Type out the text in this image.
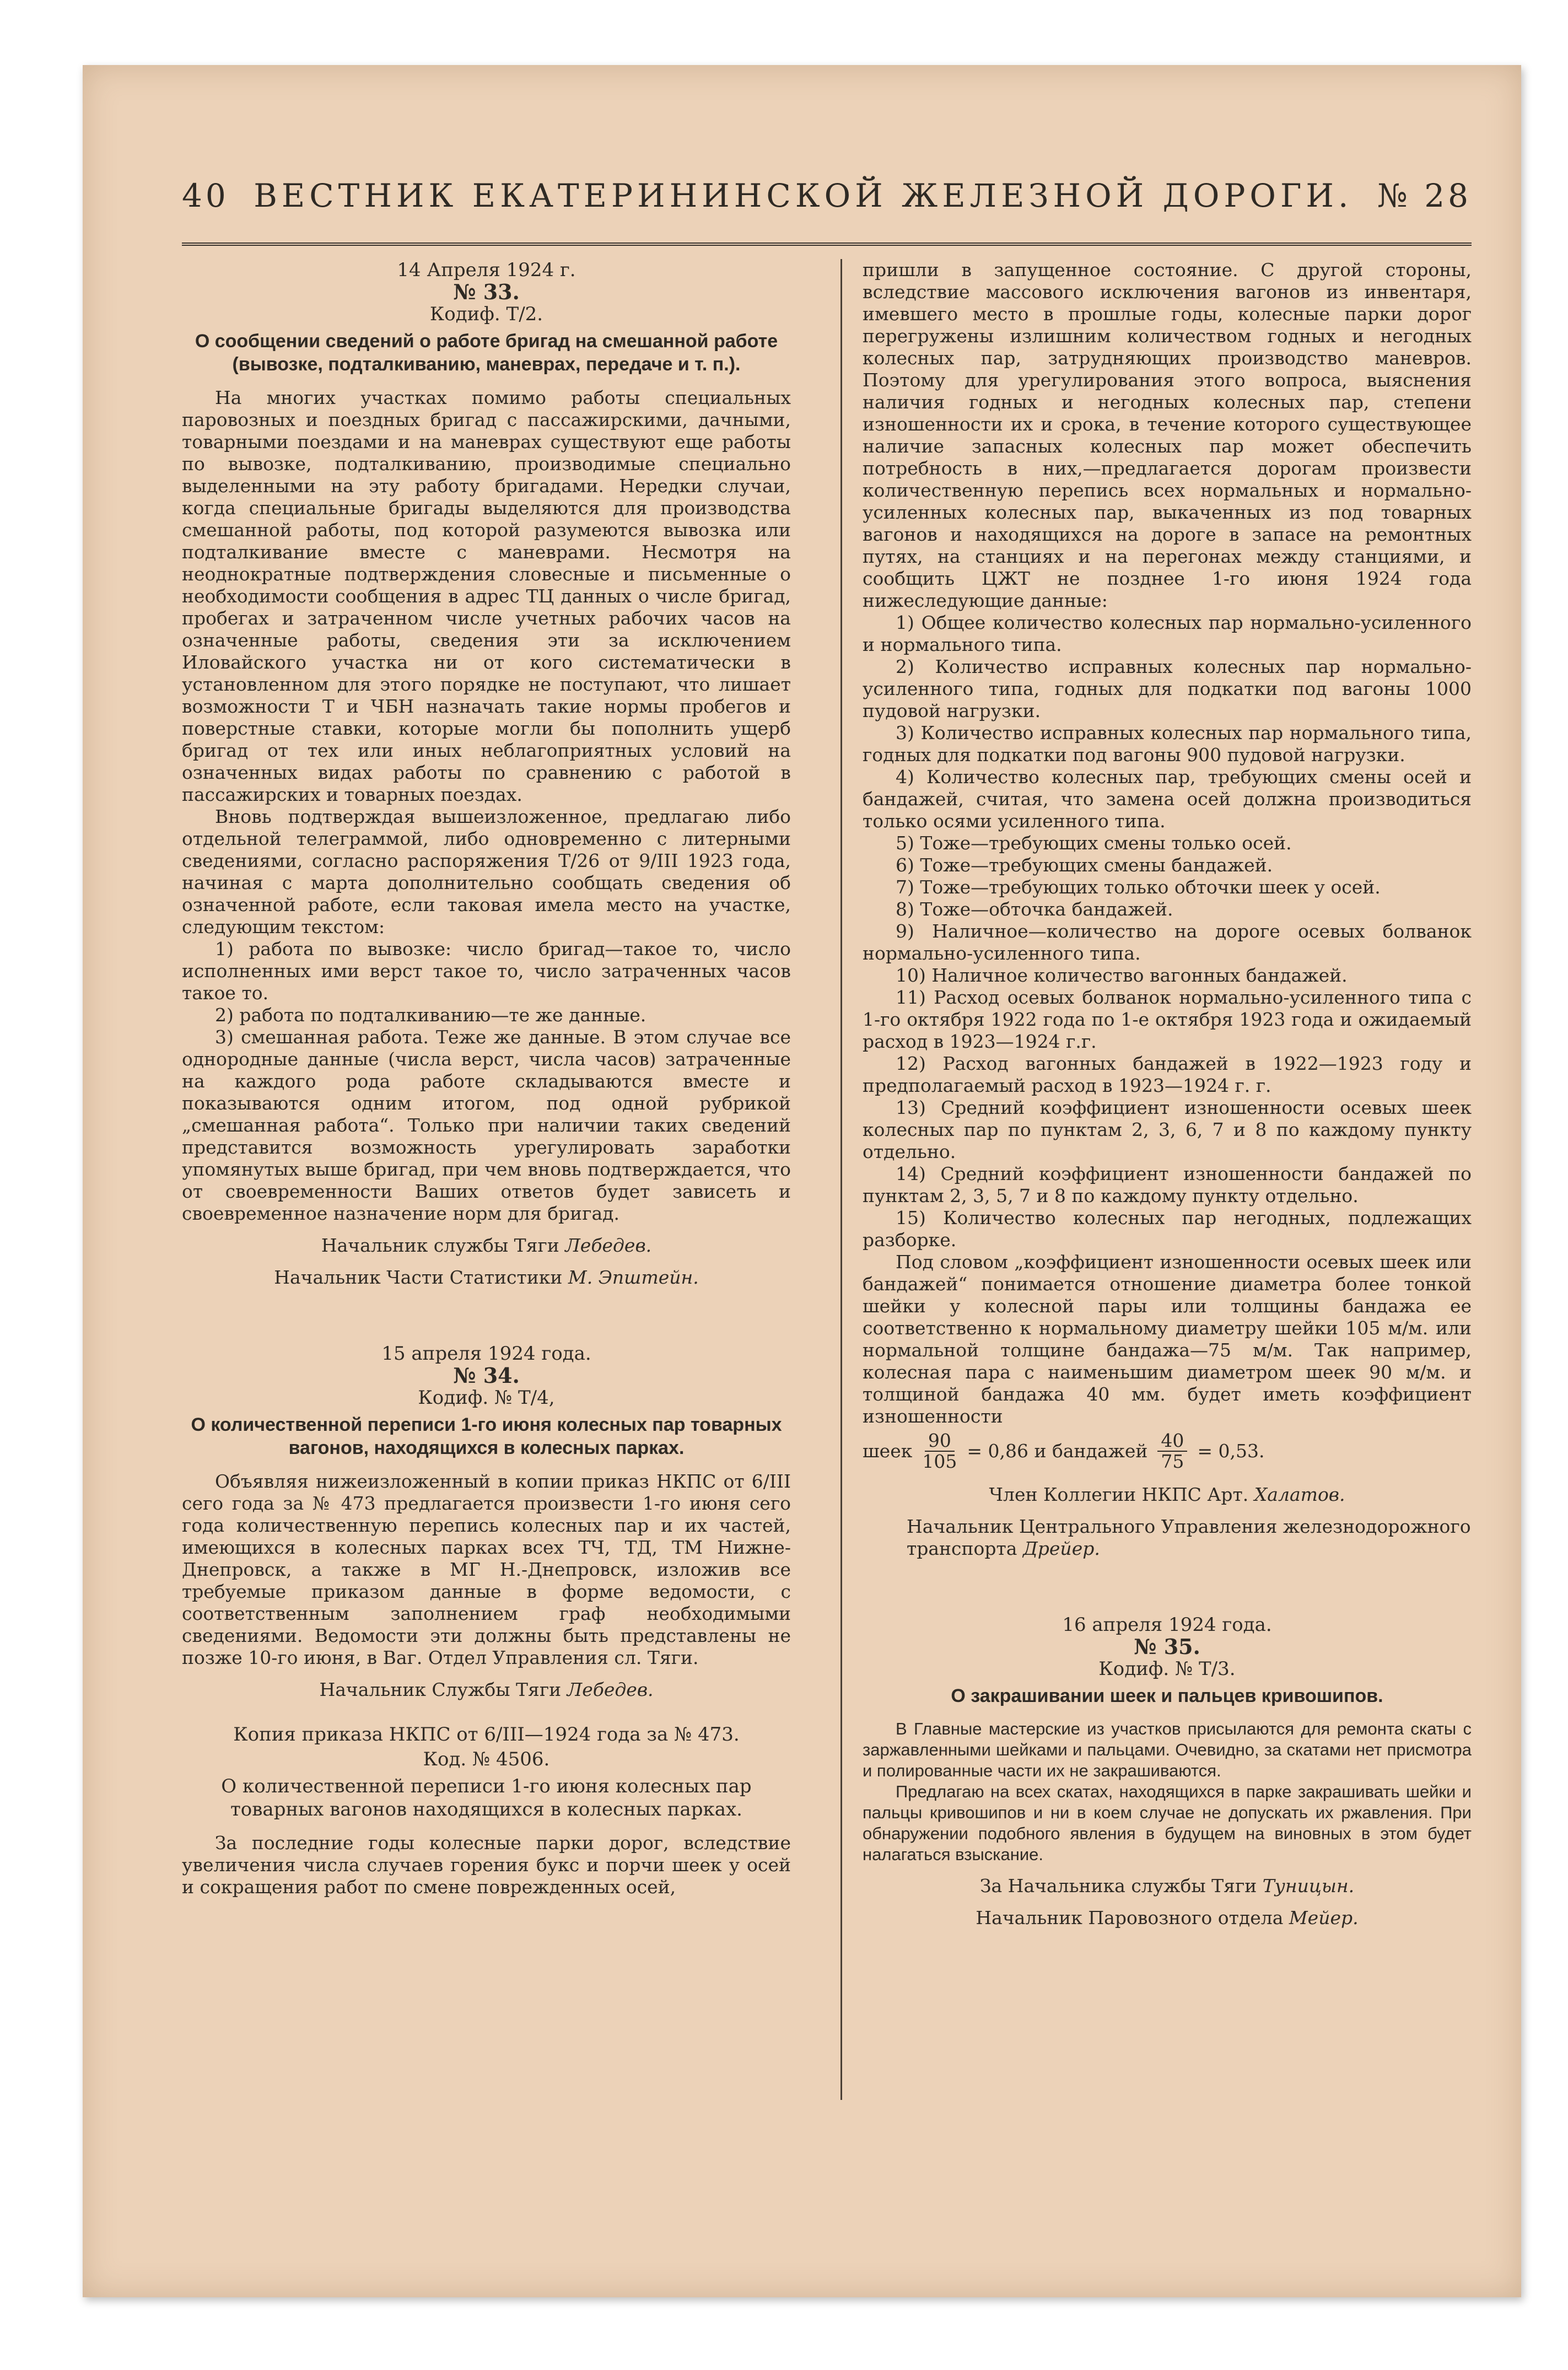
40 ВЕСТНИК ЕКАТЕРИНИНСКОЙ ЖЕЛЕЗНОЙ ДОРОГИ. № 28
14 Апреля 1924 г.
№ 33.
Кодиф. Т/2.
О сообщении сведений о работе бригад на смешанной работе (вывозке, подталкиванию, маневрах, передаче и т. п.).

На многих участках помимо работы специальных паровозных и поездных бригад с пассажирскими, дачными, товарными поездами и на маневрах существуют еще работы по вывозке, подталкиванию, производимые специально выделенными на эту работу бригадами. Нередки случаи, когда специальные бригады выделяются для производства смешанной работы, под которой разумеются вывозка или подталкивание вместе с маневрами. Несмотря на неоднократные подтверждения словесные и письменные о необходимости сообщения в адрес ТЦ данных о числе бригад, пробегах и затраченном числе учетных рабочих часов на означенные работы, сведения эти за исключением Иловайского участка ни от кого систематически в установленном для этого порядке не поступают, что лишает возможности Т и ЧБН назначать такие нормы пробегов и поверстные ставки, которые могли бы пополнить ущерб бригад от тех или иных неблагоприятных условий на означенных видах работы по сравнению с работой в пассажирских и товарных поездах.

Вновь подтверждая вышеизложенное, предлагаю либо отдельной телеграммой, либо одновременно с литерными сведениями, согласно распоряжения Т/26 от 9/III 1923 года, начиная с марта дополнительно сообщать сведения об означенной работе, если таковая имела место на участке, следующим текстом:

1) работа по вывозке: число бригад—такое то, число исполненных ими верст такое то, число затраченных часов такое то.

2) работа по подталкиванию—те же данные.

3) смешанная работа. Теже же данные. В этом случае все однородные данные (числа верст, числа часов) затраченные на каждого рода работе складываются вместе и показываются одним итогом, под одной рубрикой „смешанная работа“. Только при наличии таких сведений представится возможность урегулировать заработки упомянутых выше бригад, при чем вновь подтверждается, что от своевременности Ваших ответов будет зависеть и своевременное назначение норм для бригад.

Начальник службы Тяги Лебедев.
Начальник Части Статистики М. Эпштейн.
15 апреля 1924 года.
№ 34.
Кодиф. № Т/4,
О количественной переписи 1-го июня колесных пар товарных вагонов, находящихся в колесных парках.

Объявляя нижеизложенный в копии приказ НКПС от 6/III сего года за № 473 предлагается произвести 1-го июня сего года количественную перепись колесных пар и их частей, имеющихся в колесных парках всех ТЧ, ТД, ТМ Нижне-Днепровск, а также в МГ Н.-Днепровск, изложив все требуемые приказом данные в форме ведомости, с соответственным заполнением граф необходимыми сведениями. Ведомости эти должны быть представлены не позже 10-го июня, в Ваг. Отдел Управления сл. Тяги.

Начальник Службы Тяги Лебедев.
Копия приказа НКПС от 6/III—1924 года за № 473.
Код. № 4506.
О количественной переписи 1-го июня колесных пар товарных вагонов находящихся в колесных парках.

За последние годы колесные парки дорог, вследствие увеличения числа случаев горения букс и порчи шеек у осей и сокращения работ по смене поврежденных осей,

пришли в запущенное состояние. С другой стороны, вследствие массового исключения вагонов из инвентаря, имевшего место в прошлые годы, колесные парки дорог перегружены излишним количеством годных и негодных колесных пар, затрудняющих производство маневров. Поэтому для урегулирования этого вопроса, выяснения наличия годных и негодных колесных пар, степени изношенности их и срока, в течение которого существующее наличие запасных колесных пар может обеспечить потребность в них,—предлагается дорогам произвести количественную перепись всех нормальных и нормально-усиленных колесных пар, выкаченных из под товарных вагонов и находящихся на дороге в запасе на ремонтных путях, на станциях и на перегонах между станциями, и сообщить ЦЖТ не позднее 1-го июня 1924 года нижеследующие данные:

1) Общее количество колесных пар нормально-усиленного и нормального типа.

2) Количество исправных колесных пар нормально-усиленного типа, годных для подкатки под вагоны 1000 пудовой нагрузки.

3) Количество исправных колесных пар нормального типа, годных для подкатки под вагоны 900 пудовой нагрузки.

4) Количество колесных пар, требующих смены осей и бандажей, считая, что замена осей должна производиться только осями усиленного типа.

5) Тоже—требующих смены только осей.

6) Тоже—требующих смены бандажей.

7) Тоже—требующих только обточки шеек у осей.

8) Тоже—обточка бандажей.

9) Наличное—количество на дороге осевых болванок нормально-усиленного типа.

10) Наличное количество вагонных бандажей.

11) Расход осевых болванок нормально-усиленного типа с 1-го октября 1922 года по 1-е октября 1923 года и ожидаемый расход в 1923—1924 г.г.

12) Расход вагонных бандажей в 1922—1923 году и предполагаемый расход в 1923—1924 г. г.

13) Средний коэффициент изношенности осевых шеек колесных пар по пунктам 2, 3, 6, 7 и 8 по каждому пункту отдельно.

14) Средний коэффициент изношенности бандажей по пунктам 2, 3, 5, 7 и 8 по каждому пункту отдельно.

15) Количество колесных пар негодных, подлежащих разборке.

Под словом „коэффициент изношенности осевых шеек или бандажей“ понимается отношение диаметра более тонкой шейки у колесной пары или толщины бандажа ее соответственно к нормальному диаметру шейки 105 м/м. или нормальной толщине бандажа—75 м/м. Так например, колесная пара с наименьшим диаметром шеек 90 м/м. и толщиной бандажа 40 мм. будет иметь коэффициент изношенности

шеек $\frac{90}{105} = 0,86$ и бандажей $\frac{40}{75} = 0,53$.
Член Коллегии НКПС Арт. Халатов.
Начальник Центрального Управления железнодорожного транспорта Дрейер.
16 апреля 1924 года.
№ 35.
Кодиф. № Т/3.
О закрашивании шеек и пальцев кривошипов.

В Главные мастерские из участков присылаются для ремонта скаты с заржавленными шейками и пальцами. Очевидно, за скатами нет присмотра и полированные части их не закрашиваются.

Предлагаю на всех скатах, находящихся в парке закрашивать шейки и пальцы кривошипов и ни в коем случае не допускать их ржавления. При обнаружении подобного явления в будущем на виновных в этом будет налагаться взыскание.

За Начальника службы Тяги Туницын.
Начальник Паровозного отдела Мейер.
